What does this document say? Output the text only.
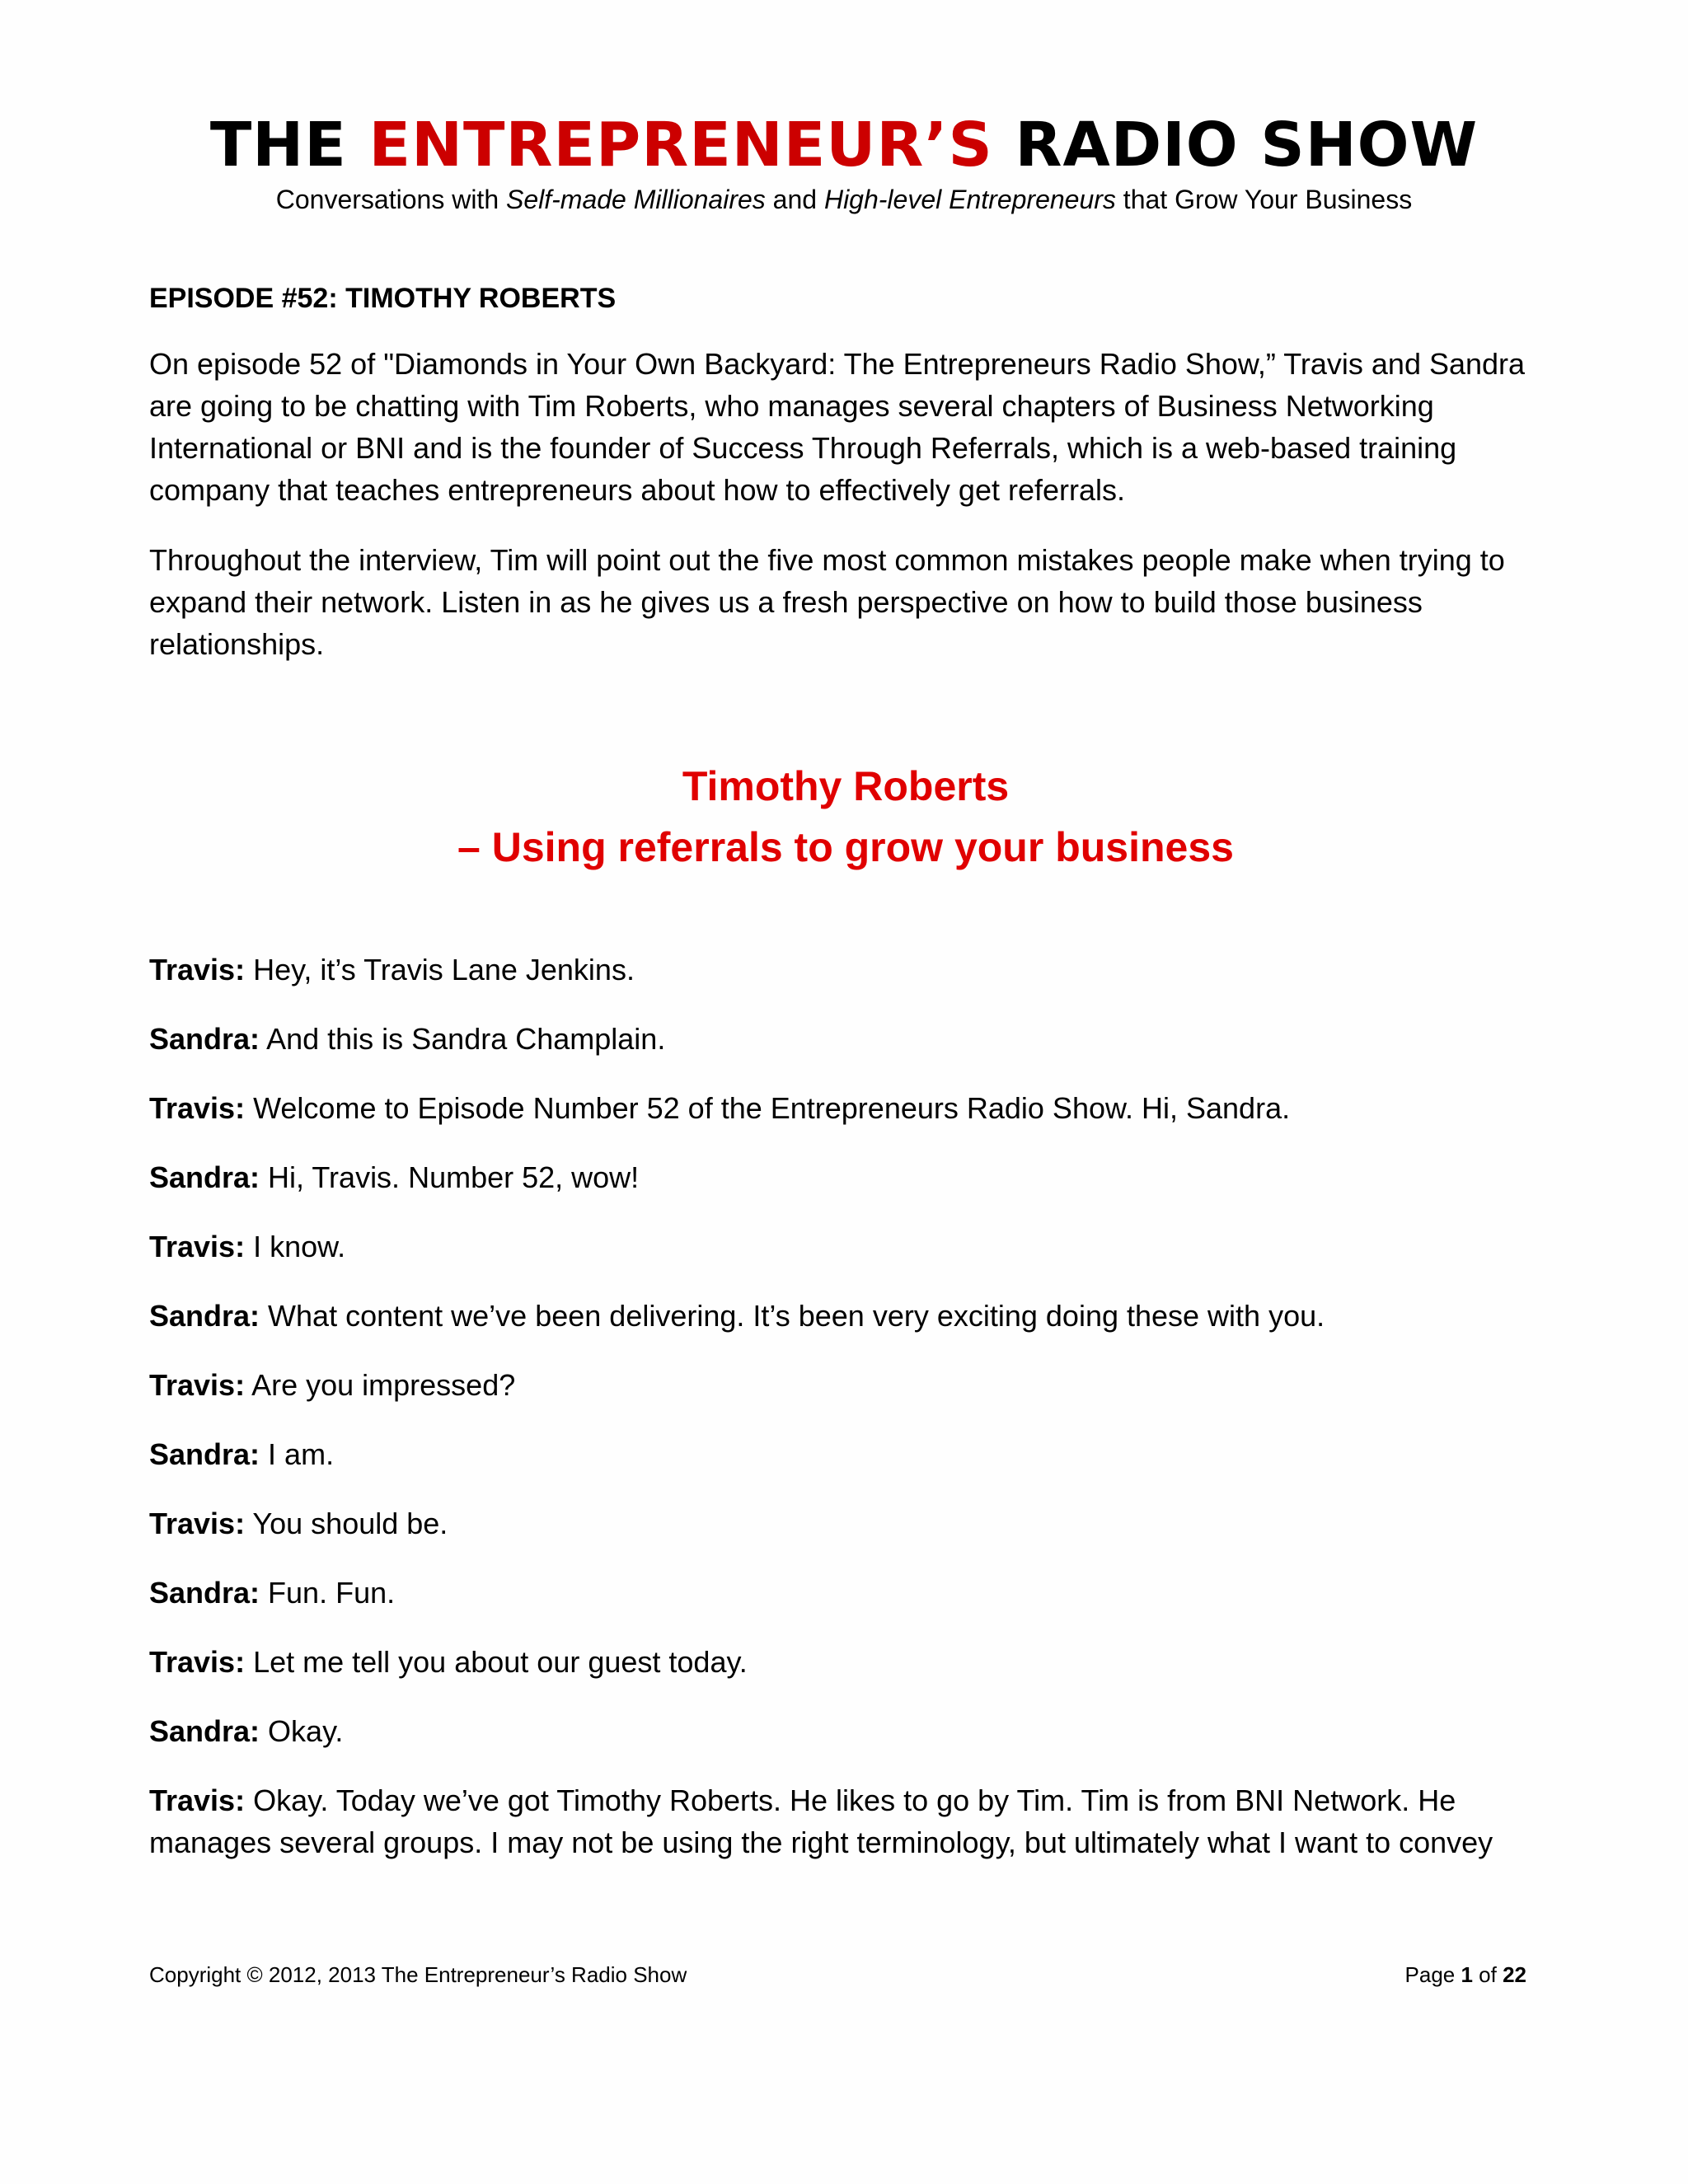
THE ENTREPRENEUR’S RADIO SHOW
Conversations with Self-made Millionaires and High-level Entrepreneurs that Grow Your Business
EPISODE #52: TIMOTHY ROBERTS

On episode 52 of "Diamonds in Your Own Backyard: The Entrepreneurs Radio Show,” Travis and Sandra are going to be chatting with Tim Roberts, who manages several chapters of Business Networking International or BNI and is the founder of Success Through Referrals, which is a web-based training company that teaches entrepreneurs about how to effectively get referrals.

Throughout the interview, Tim will point out the five most common mistakes people make when trying to expand their network. Listen in as he gives us a fresh perspective on how to build those business relationships.

Timothy Roberts
– Using referrals to grow your business
Travis: Hey, it’s Travis Lane Jenkins.
Sandra: And this is Sandra Champlain.
Travis: Welcome to Episode Number 52 of the Entrepreneurs Radio Show. Hi, Sandra.
Sandra: Hi, Travis. Number 52, wow!
Travis: I know.
Sandra: What content we’ve been delivering. It’s been very exciting doing these with you.
Travis: Are you impressed?
Sandra: I am.
Travis: You should be.
Sandra: Fun. Fun.
Travis: Let me tell you about our guest today.
Sandra: Okay.
Travis: Okay. Today we’ve got Timothy Roberts. He likes to go by Tim. Tim is from BNI Network. He manages several groups. I may not be using the right terminology, but ultimately what I want to convey
Copyright © 2012, 2013 The Entrepreneur’s Radio Show	Page 1 of 22
